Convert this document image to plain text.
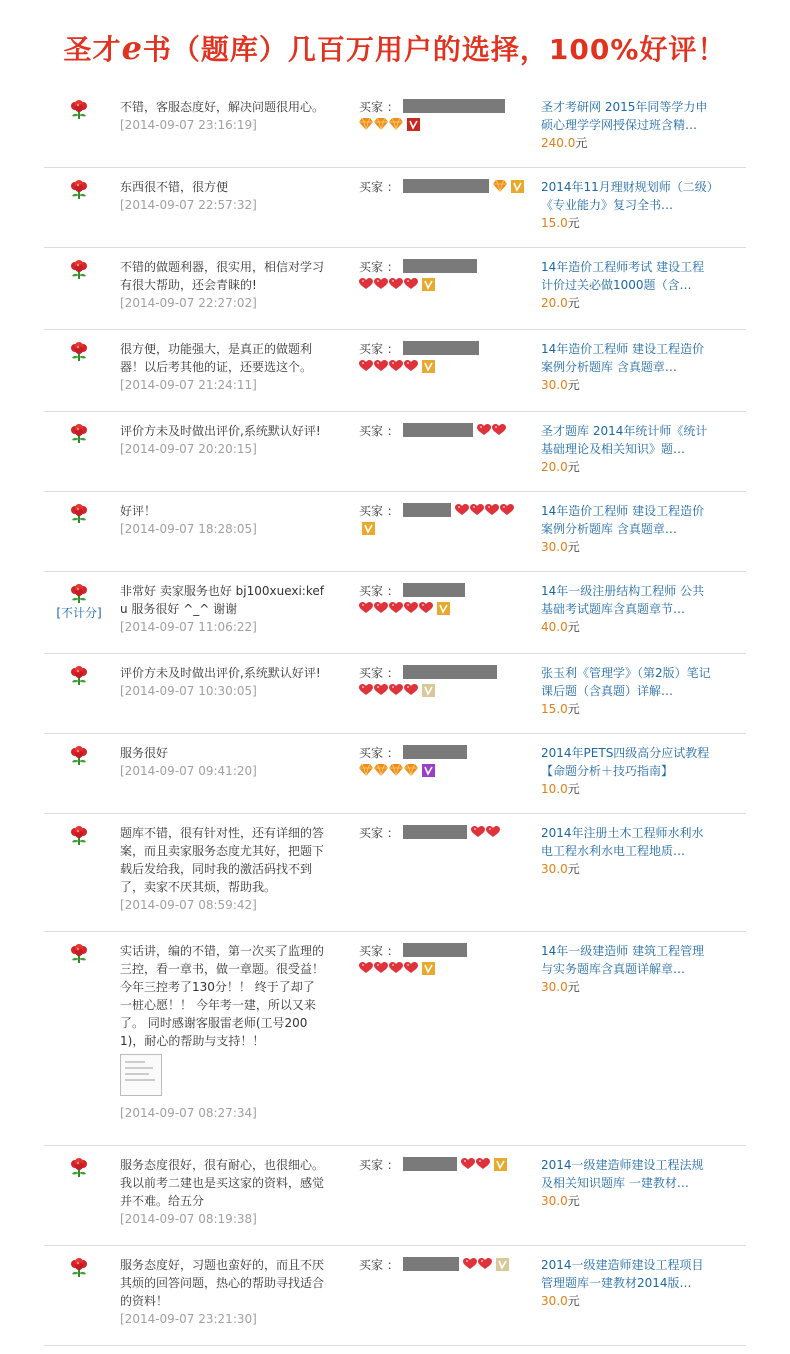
圣才e书（题库）几百万用户的选择，100%好评！
不错，客服态度好，解决问题很用心。
[2014-09-07 23:16:19]
买家 ：	圣才考研网 2015年同等学力申硕心理学学网授保过班含精…
240.0元
东西很不错，很方便
[2014-09-07 22:57:32]
买家 ：	2014年11月理财规划师（二级）《专业能力》复习全书…
15.0元
不错的做题利器，很实用，相信对学习有很大帮助，还会青睐的!
[2014-09-07 22:27:02]
买家 ：	14年造价工程师考试 建设工程计价过关必做1000题（含…
20.0元
很方便，功能强大，是真正的做题利器！以后考其他的证，还要选这个。
[2014-09-07 21:24:11]
买家 ：	14年造价工程师 建设工程造价案例分析题库 含真题章…
30.0元
评价方未及时做出评价,系统默认好评!
[2014-09-07 20:20:15]
买家 ：	圣才题库 2014年统计师《统计基础理论及相关知识》题…
20.0元
好评！
[2014-09-07 18:28:05]
买家 ：	14年造价工程师 建设工程造价案例分析题库 含真题章…
30.0元
[不计分]
非常好 卖家服务也好 bj100xuexi:kefu 服务很好 ^_^ 谢谢
[2014-09-07 11:06:22]
买家 ：	14年一级注册结构工程师 公共基础考试题库含真题章节…
40.0元
评价方未及时做出评价,系统默认好评!
[2014-09-07 10:30:05]
买家 ：	张玉利《管理学》（第2版）笔记课后题（含真题）详解…
15.0元
服务很好
[2014-09-07 09:41:20]
买家 ：	2014年PETS四级高分应试教程【命题分析＋技巧指南】
10.0元
题库不错，很有针对性，还有详细的答案，而且卖家服务态度尤其好，把题下载后发给我，同时我的激活码找不到了，卖家不厌其烦，帮助我。
[2014-09-07 08:59:42]
买家 ：	2014年注册土木工程师水利水电工程水利水电工程地质…
30.0元
实话讲，编的不错，第一次买了监理的三控，看一章书，做一章题。很受益！今年三控考了130分！！ 终于了却了一桩心愿！！ 今年考一建，所以又来了。 同时感谢客服雷老师(工号2001)，耐心的帮助与支持！！
[2014-09-07 08:27:34]
买家 ：	14年一级建造师 建筑工程管理与实务题库含真题详解章…
30.0元
服务态度很好，很有耐心，也很细心。我以前考二建也是买这家的资料，感觉并不难。给五分
[2014-09-07 08:19:38]
买家 ：	2014一级建造师建设工程法规及相关知识题库 一建教材…
30.0元
服务态度好，习题也蛮好的，而且不厌其烦的回答问题，热心的帮助寻找适合的资料！
[2014-09-07 23:21:30]
买家 ：	2014一级建造师建设工程项目管理题库一建教材2014版…
30.0元
